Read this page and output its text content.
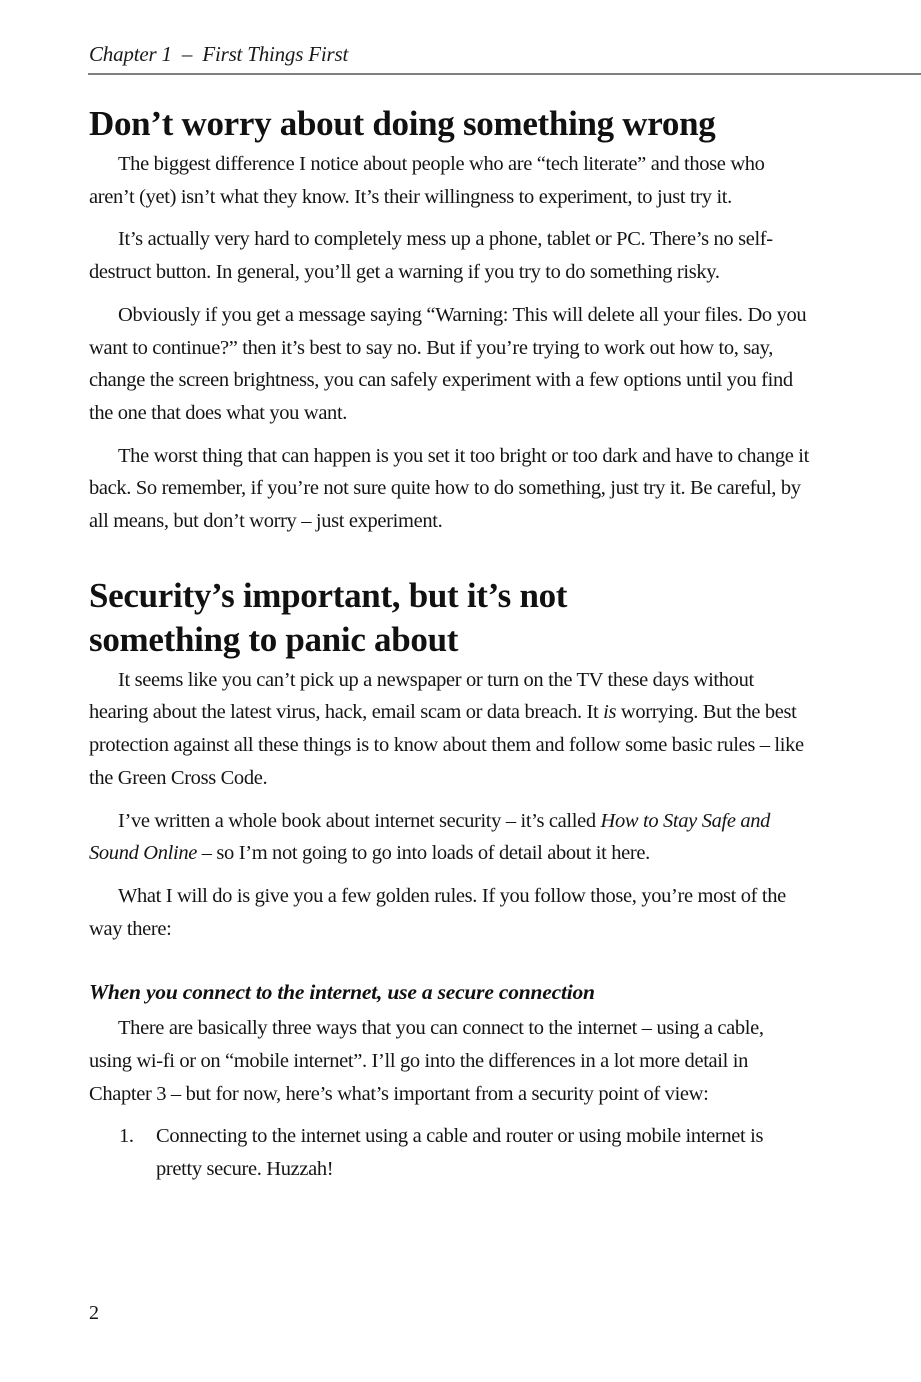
Chapter 1 – First Things First
Don’t worry about doing something wrong

The biggest difference I notice about people who are “tech literate” and those who aren’t (yet) isn’t what they know. It’s their willingness to experiment, to just try it.

It’s actually very hard to completely mess up a phone, tablet or PC. There’s no self-destruct button. In general, you’ll get a warning if you try to do something risky.

Obviously if you get a message saying “Warning: This will delete all your files. Do you want to continue?” then it’s best to say no. But if you’re trying to work out how to, say, change the screen brightness, you can safely experiment with a few options until you find the one that does what you want.

The worst thing that can happen is you set it too bright or too dark and have to change it back. So remember, if you’re not sure quite how to do something, just try it. Be careful, by all means, but don’t worry – just experiment.

Security’s important, but it’s not
something to panic about

It seems like you can’t pick up a newspaper or turn on the TV these days without hearing about the latest virus, hack, email scam or data breach. It is worrying. But the best protection against all these things is to know about them and follow some basic rules – like the Green Cross Code.

I’ve written a whole book about internet security – it’s called How to Stay Safe and Sound Online – so I’m not going to go into loads of detail about it here.

What I will do is give you a few golden rules. If you follow those, you’re most of the way there:

When you connect to the internet, use a secure connection

There are basically three ways that you can connect to the internet – using a cable, using wi-fi or on “mobile internet”. I’ll go into the differences in a lot more detail in Chapter 3 – but for now, here’s what’s important from a security point of view:

1. Connecting to the internet using a cable and router or using mobile internet is pretty secure. Huzzah!
2
